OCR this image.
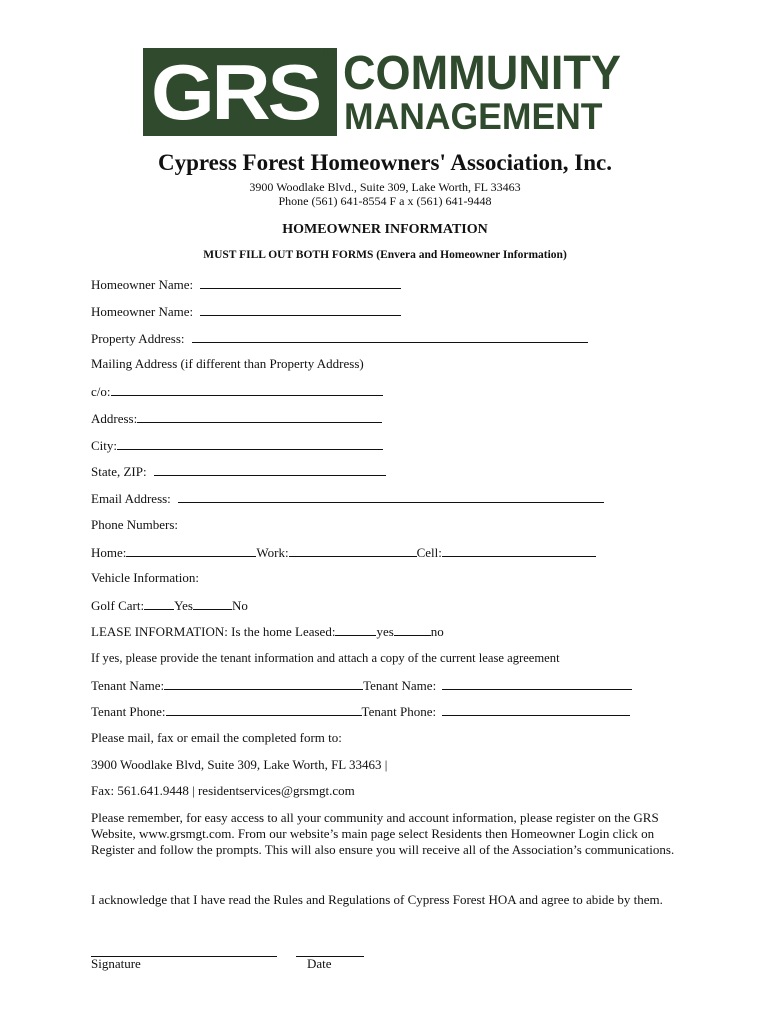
GRS TM COMMUNITY
MANAGEMENT
Cypress Forest Homeowners' Association, Inc.
3900 Woodlake Blvd., Suite 309, Lake Worth, FL 33463
Phone (561) 641-8554 F a x (561) 641-9448
HOMEOWNER INFORMATION
MUST FILL OUT BOTH FORMS (Envera and Homeowner Information)
Homeowner Name:
Homeowner Name:
Property Address:
Mailing Address (if different than Property Address)
c/o:
Address:
City:
State, ZIP:
Email Address:
Phone Numbers:
Home:	Work:	Cell:
Vehicle Information:
Golf Cart: Yes	No
LEASE INFORMATION: Is the home Leased:	yes	no
If yes, please provide the tenant information and attach a copy of the current lease agreement
Tenant Name:	Tenant Name:
Tenant Phone:	Tenant Phone:
Please mail, fax or email the completed form to:
3900 Woodlake Blvd, Suite 309, Lake Worth, FL 33463 |
Fax: 561.641.9448 | residentservices@grsmgt.com
Please remember, for easy access to all your community and account information, please register on the GRS Website, www.grsmgt.com. From our website’s main page select Residents then Homeowner Login click on Register and follow the prompts. This will also ensure you will receive all of the Association’s communications.
I acknowledge that I have read the Rules and Regulations of Cypress Forest HOA and agree to abide by them.
Signature	Date
